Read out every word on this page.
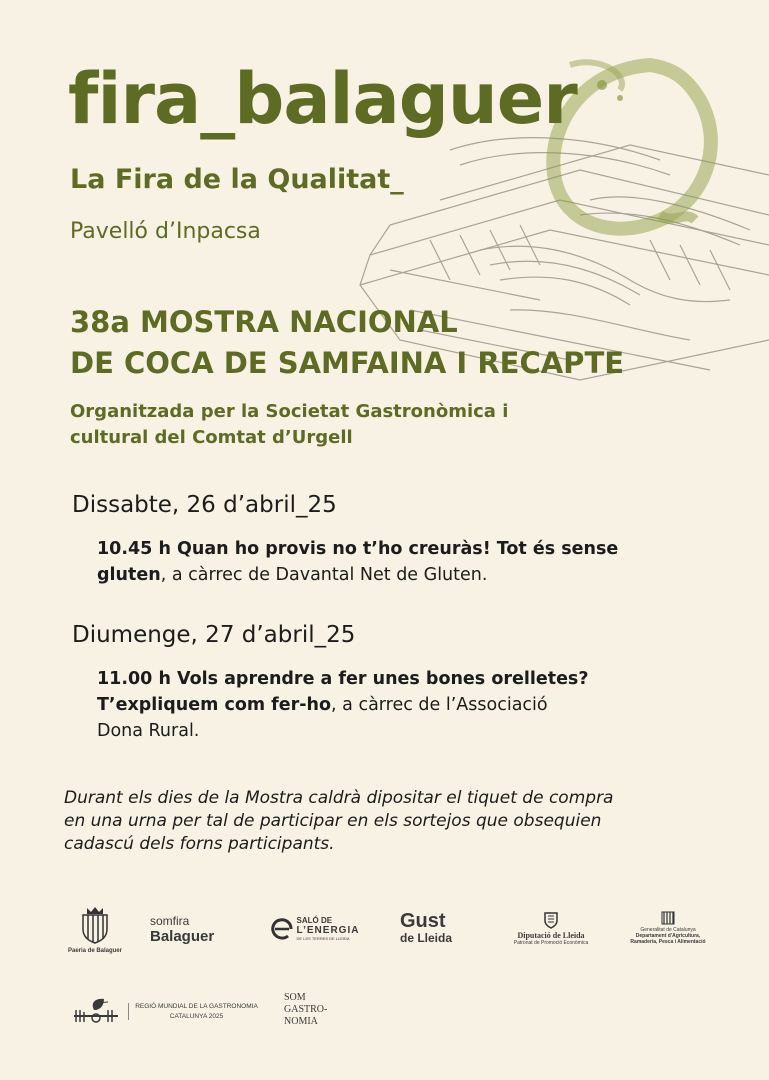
fira_balaguer
La Fira de la Qualitat_

Pavelló d’Inpacsa

38a MOSTRA NACIONAL
DE COCA DE SAMFAINA I RECAPTE

Organitzada per la Societat Gastronòmica i
cultural del Comtat d’Urgell

Dissabte, 26 d’abril_25

10.45 h Quan ho provis no t’ho creuràs! Tot és sense
gluten, a càrrec de Davantal Net de Gluten.

Diumenge, 27 d’abril_25

11.00 h Vols aprendre a fer unes bones orelletes?
T’expliquem com fer-ho, a càrrec de l’Associació
Dona Rural.

Durant els dies de la Mostra caldrà dipositar el tiquet de compra
en una urna per tal de participar en els sortejos que obsequien
cadascú dels forns participants.

Paeria de Balaguer
somfira
Balaguer
SALÓ DE
L’ENERGIA
DE LES TERRES DE LLEIDA
Gust
de Lleida	Diputació de Lleida
Patronat de Promoció Econòmica
Generalitat de Catalunya
Departament d’Agricultura,
Ramaderia, Pesca i Alimentació
REGIÓ MUNDIAL DE LA GASTRONOMIA
CATALUNYA 2025
SOM
GASTRO-
NOMIA
